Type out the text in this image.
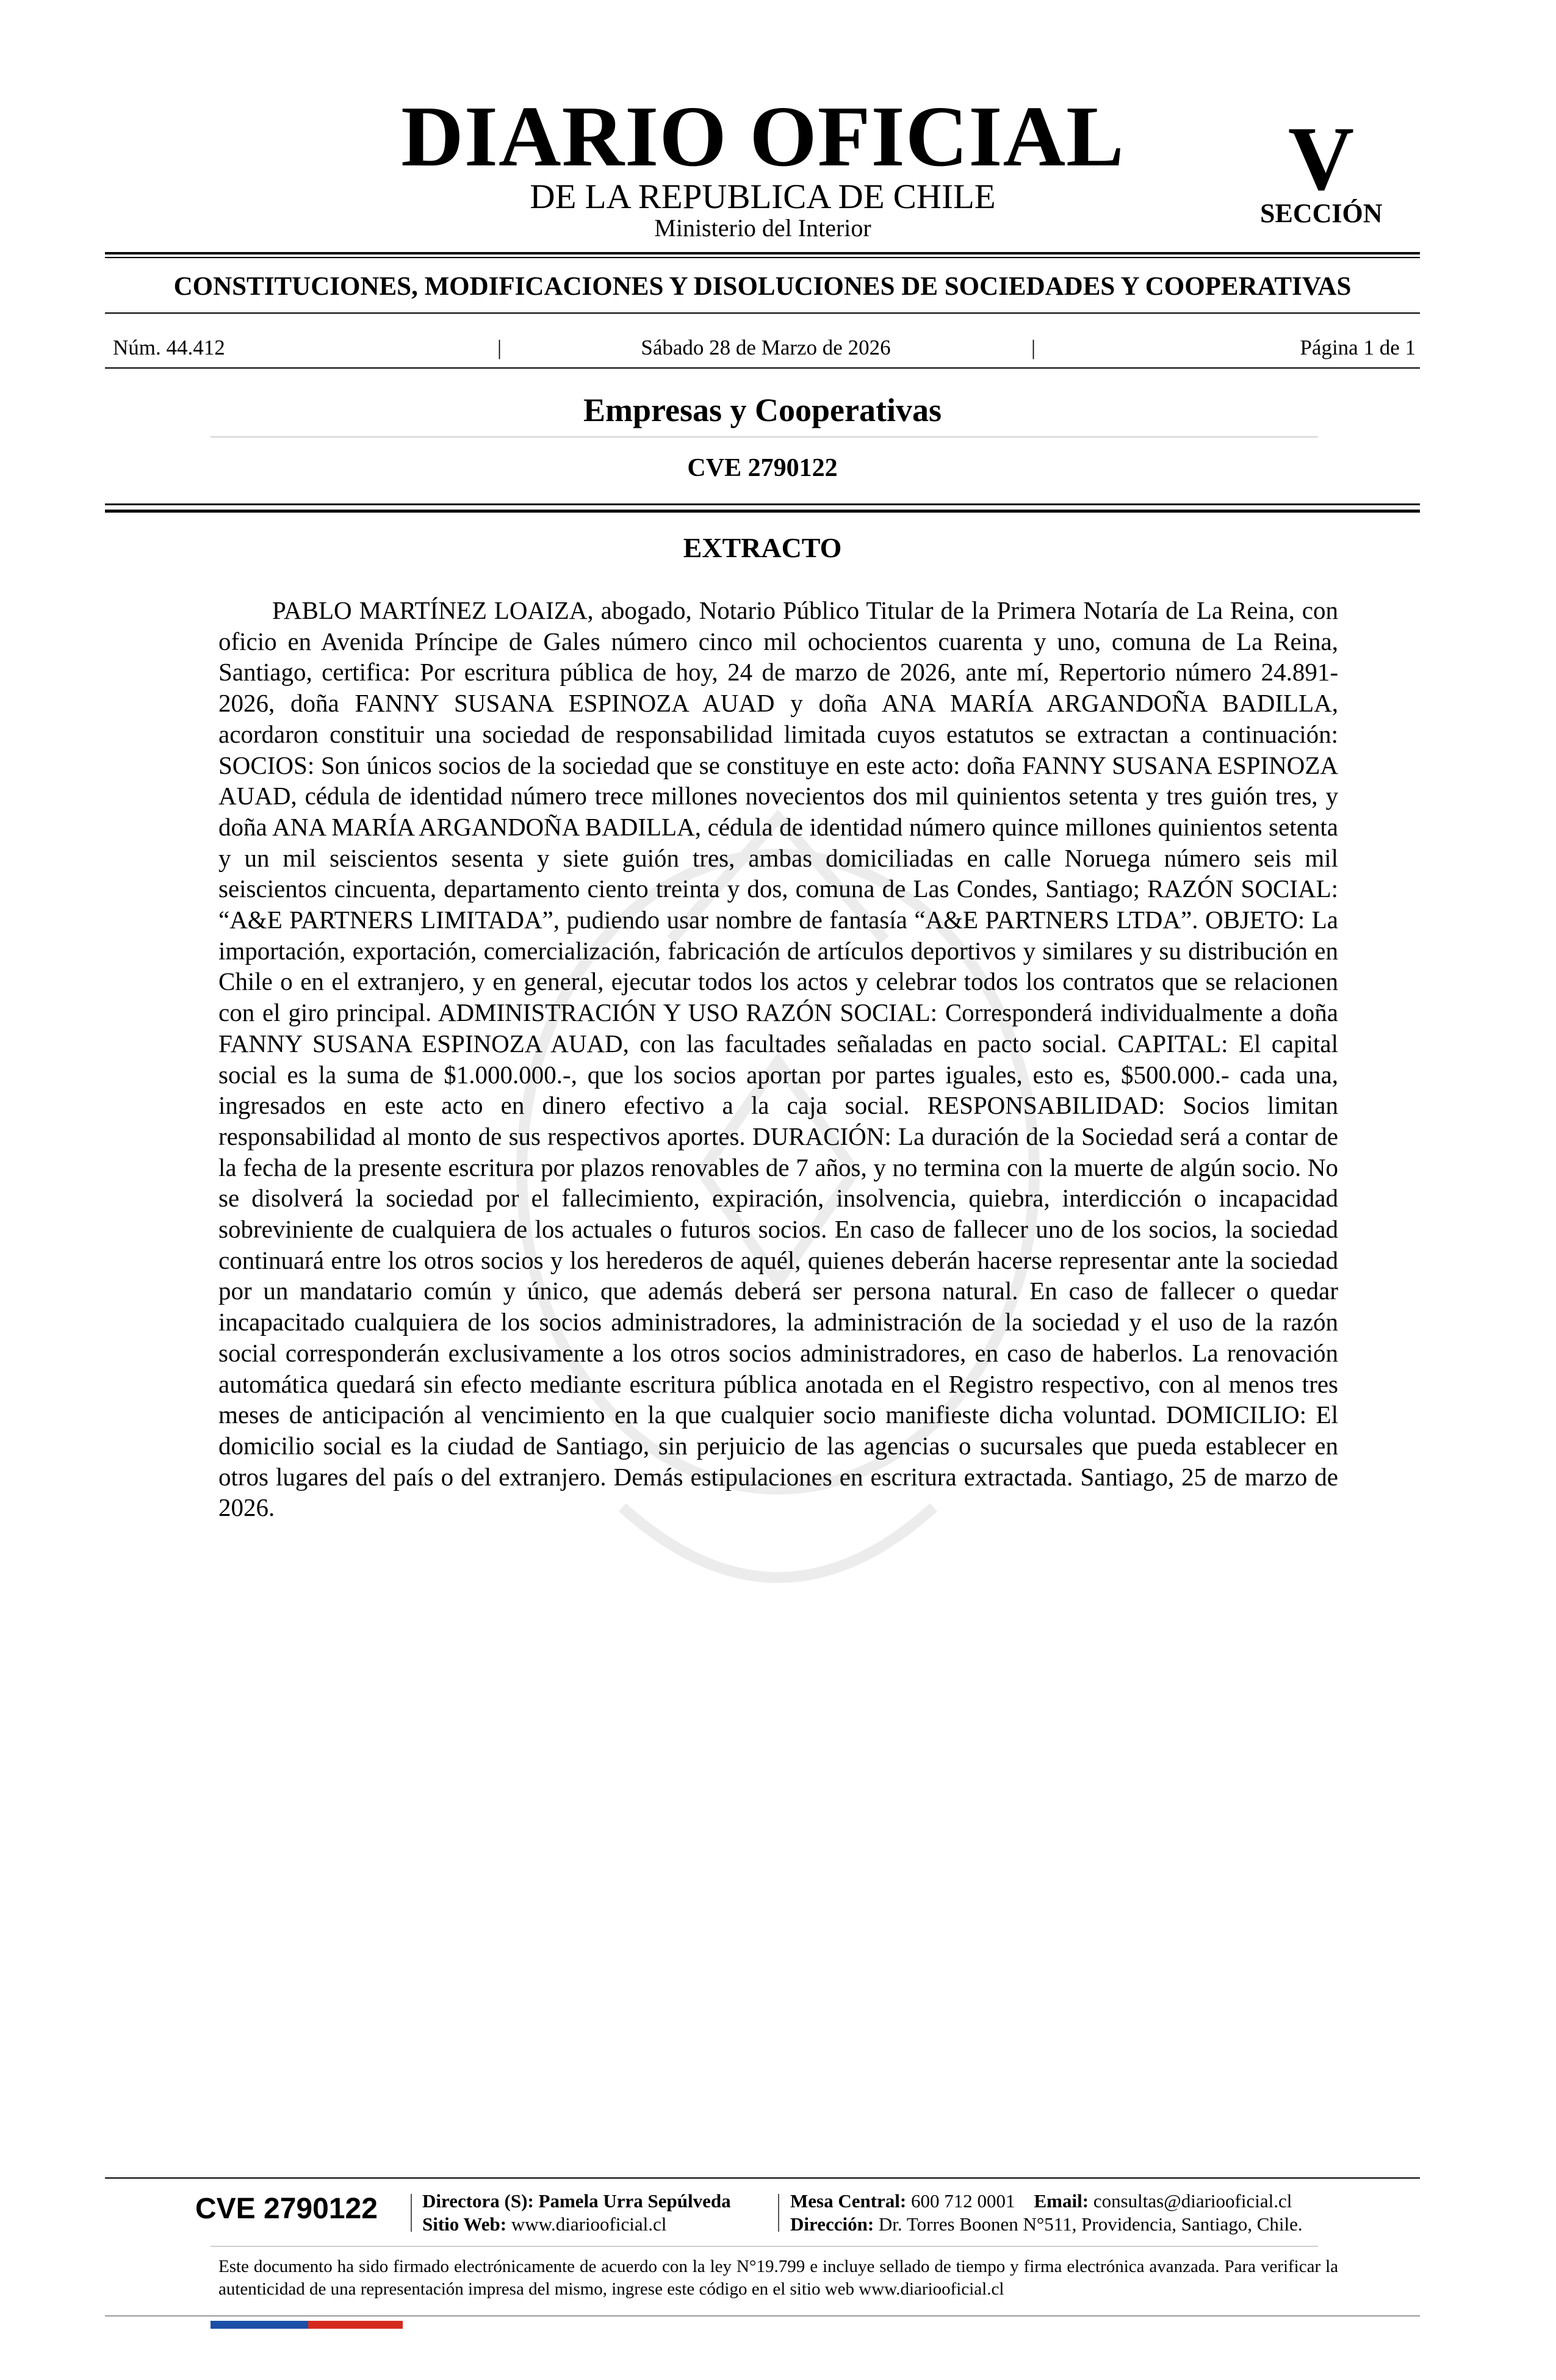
DIARIO OFICIAL
DE LA REPUBLICA DE CHILE
Ministerio del Interior
V
SECCIÓN
CONSTITUCIONES, MODIFICACIONES Y DISOLUCIONES DE SOCIEDADES Y COOPERATIVAS
Núm. 44.412	|	Sábado 28 de Marzo de 2026	|	Página 1 de 1
Empresas y Cooperativas
CVE 2790122
EXTRACTO
PABLO MARTÍNEZ LOAIZA, abogado, Notario Público Titular de la Primera Notaría de La Reina, con oficio en Avenida Príncipe de Gales número cinco mil ochocientos cuarenta y uno, comuna de La Reina, Santiago, certifica: Por escritura pública de hoy, 24 de marzo de 2026, ante mí, Repertorio número 24.891-2026, doña FANNY SUSANA ESPINOZA AUAD y doña ANA MARÍA ARGANDOÑA BADILLA, acordaron constituir una sociedad de responsabilidad limitada cuyos estatutos se extractan a continuación: SOCIOS: Son únicos socios de la sociedad que se constituye en este acto: doña FANNY SUSANA ESPINOZA AUAD, cédula de identidad número trece millones novecientos dos mil quinientos setenta y tres guión tres, y doña ANA MARÍA ARGANDOÑA BADILLA, cédula de identidad número quince millones quinientos setenta y un mil seiscientos sesenta y siete guión tres, ambas domiciliadas en calle Noruega número seis mil seiscientos cincuenta, departamento ciento treinta y dos, comuna de Las Condes, Santiago; RAZÓN SOCIAL: “A&E PARTNERS LIMITADA”, pudiendo usar nombre de fantasía “A&E PARTNERS LTDA”. OBJETO: La importación, exportación, comercialización, fabricación de artículos deportivos y similares y su distribución en Chile o en el extranjero, y en general, ejecutar todos los actos y celebrar todos los contratos que se relacionen con el giro principal. ADMINISTRACIÓN Y USO RAZÓN SOCIAL: Corresponderá individualmente a doña FANNY SUSANA ESPINOZA AUAD, con las facultades señaladas en pacto social. CAPITAL: El capital social es la suma de $1.000.000.-, que los socios aportan por partes iguales, esto es, $500.000.- cada una, ingresados en este acto en dinero efectivo a la caja social. RESPONSABILIDAD: Socios limitan responsabilidad al monto de sus respectivos aportes. DURACIÓN: La duración de la Sociedad será a contar de la fecha de la presente escritura por plazos renovables de 7 años, y no termina con la muerte de algún socio. No se disolverá la sociedad por el fallecimiento, expiración, insolvencia, quiebra, interdicción o incapacidad sobreviniente de cualquiera de los actuales o futuros socios. En caso de fallecer uno de los socios, la sociedad continuará entre los otros socios y los herederos de aquél, quienes deberán hacerse representar ante la sociedad por un mandatario común y único, que además deberá ser persona natural. En caso de fallecer o quedar incapacitado cualquiera de los socios administradores, la administración de la sociedad y el uso de la razón social corresponderán exclusivamente a los otros socios administradores, en caso de haberlos. La renovación automática quedará sin efecto mediante escritura pública anotada en el Registro respectivo, con al menos tres meses de anticipación al vencimiento en la que cualquier socio manifieste dicha voluntad. DOMICILIO: El domicilio social es la ciudad de Santiago, sin perjuicio de las agencias o sucursales que pueda establecer en otros lugares del país o del extranjero. Demás estipulaciones en escritura extractada. Santiago, 25 de marzo de 2026.
CVE 2790122	Directora (S): Pamela Urra Sepúlveda
Sitio Web: www.diariooficial.cl
Mesa Central: 600 712 0001 Email: consultas@diariooficial.cl
Dirección: Dr. Torres Boonen N°511, Providencia, Santiago, Chile.
Este documento ha sido firmado electrónicamente de acuerdo con la ley N°19.799 e incluye sellado de tiempo y firma electrónica avanzada. Para verificar la autenticidad de una representación impresa del mismo, ingrese este código en el sitio web www.diariooficial.cl
